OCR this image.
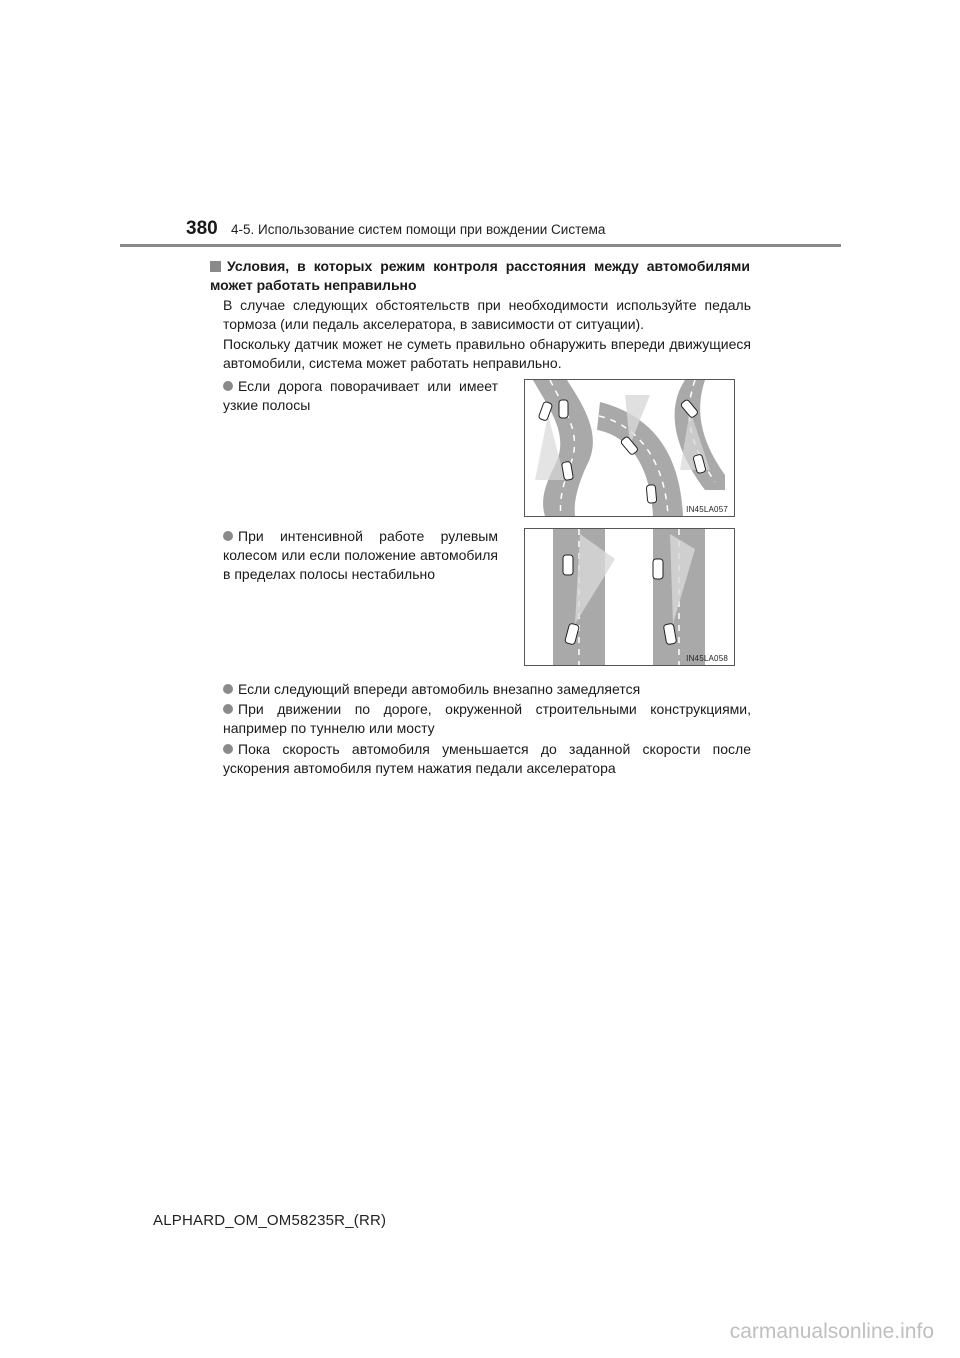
380 4-5. Использование систем помощи при вождении Система
Условия, в которых режим контроля расстояния между автомобилями может работать неправильно
В случае следующих обстоятельств при необходимости используйте педаль тормоза (или педаль акселератора, в зависимости от ситуации).
Поскольку датчик может не суметь правильно обнаружить впереди движущиеся автомобили, система может работать неправильно.
Если дорога поворачивает или имеет узкие полосы
IN45LA057
При интенсивной работе рулевым колесом или если положение автомобиля в пределах полосы нестабильно
IN45LA058
Если следующий впереди автомобиль внезапно замедляется
При движении по дороге, окруженной строительными конструкциями, например по туннелю или мосту
Пока скорость автомобиля уменьшается до заданной скорости после ускорения автомобиля путем нажатия педали акселератора
ALPHARD_OM_OM58235R_(RR)
carmanualsonline.info
